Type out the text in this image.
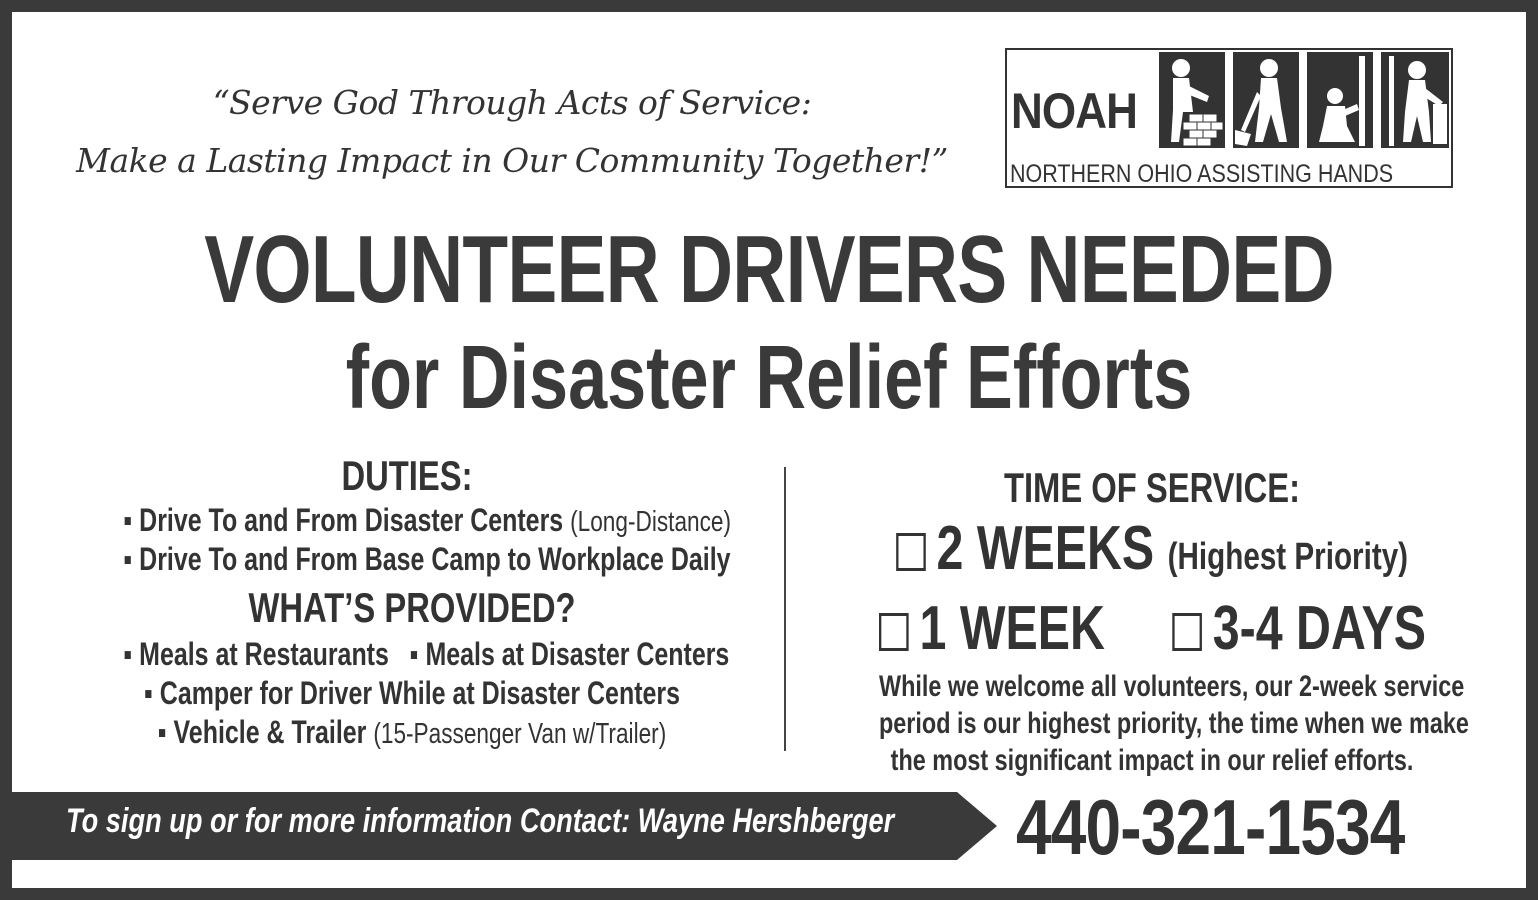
“Serve God Through Acts of Service:
Make a Lasting Impact in Our Community Together!”
NOAH
NORTHERN OHIO ASSISTING HANDS
VOLUNTEER DRIVERS NEEDED
for Disaster Relief Efforts
DUTIES:
▪ Drive To and From Disaster Centers (Long-Distance)
▪ Drive To and From Base Camp to Workplace Daily
WHAT’S PROVIDED?
▪ Meals at Restaurants ▪ Meals at Disaster Centers
▪ Camper for Driver While at Disaster Centers
▪ Vehicle & Trailer (15-Passenger Van w/Trailer)
TIME OF SERVICE:
2 WEEKS (Highest Priority)
1 WEEK 3-4 DAYS
While we welcome all volunteers, our 2-week service
period is our highest priority, the time when we make
the most significant impact in our relief efforts.
To sign up or for more information Contact: Wayne Hershberger 440-321-1534
